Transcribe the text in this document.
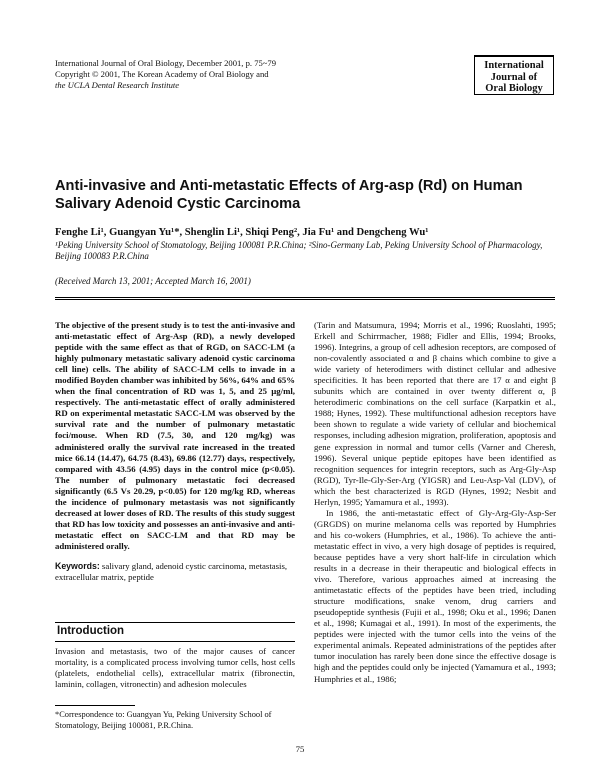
International Journal of Oral Biology, December 2001, p. 75~79
Copyright © 2001, The Korean Academy of Oral Biology and
the UCLA Dental Research Institute
International
Journal of
Oral Biology
Anti-invasive and Anti-metastatic Effects of Arg-asp (Rd) on Human
Salivary Adenoid Cystic Carcinoma
Fenghe Li¹, Guangyan Yu¹*, Shenglin Li¹, Shiqi Peng², Jia Fu¹ and Dengcheng Wu¹
¹Peking University School of Stomatology, Beijing 100081 P.R.China; ²Sino-Germany Lab, Peking University School of Pharmacology, Beijing 100083 P.R.China
(Received March 13, 2001; Accepted March 16, 2001)

The objective of the present study is to test the anti-invasive and anti-metastatic effect of Arg-Asp (RD), a newly developed peptide with the same effect as that of RGD, on SACC-LM (a highly pulmonary metastatic salivary adenoid cystic carcinoma cell line) cells. The ability of SACC-LM cells to invade in a modified Boyden chamber was inhibited by 56%, 64% and 65% when the final concentration of RD was 1, 5, and 25 µg/ml, respectively. The anti-metastatic effect of orally administered RD on experimental metastatic SACC-LM was observed by the survival rate and the number of pulmonary metastatic foci/mouse. When RD (7.5, 30, and 120 mg/kg) was administered orally the survival rate increased in the treated mice 66.14 (14.47), 64.75 (8.43), 69.86 (12.77) days, respectively, compared with 43.56 (4.95) days in the control mice (p<0.05). The number of pulmonary metastatic foci decreased significantly (6.5 Vs 20.29, p<0.05) for 120 mg/kg RD, whereas the incidence of pulmonary metastasis was not significantly decreased at lower doses of RD. The results of this study suggest that RD has low toxicity and possesses an anti-invasive and anti-metastatic effect on SACC-LM and that RD may be administered orally.

Keywords: salivary gland, adenoid cystic carcinoma, metastasis, extracellular matrix, peptide

Introduction

Invasion and metastasis, two of the major causes of cancer mortality, is a complicated process involving tumor cells, host cells (platelets, endothelial cells), extracellular matrix (fibronectin, laminin, collagen, vitronectin) and adhesion molecules

*Correspondence to: Guangyan Yu, Peking University School of Stomatology, Beijing 100081, P.R.China.

(Tarin and Matsumura, 1994; Morris et al., 1996; Ruoslahti, 1995; Erkell and Schirrmacher, 1988; Fidler and Ellis, 1994; Brooks, 1996). Integrins, a group of cell adhesion receptors, are composed of non-covalently associated α and β chains which combine to give a wide variety of heterodimers with distinct cellular and adhesive specificities. It has been reported that there are 17 α and eight β subunits which are contained in over twenty different α, β heterodimeric combinations on the cell surface (Karpatkin et al., 1988; Hynes, 1992). These multifunctional adhesion receptors have been shown to regulate a wide variety of cellular and biochemical responses, including adhesion migration, proliferation, apoptosis and gene expression in normal and tumor cells (Varner and Cheresh, 1996). Several unique peptide epitopes have been identified as recognition sequences for integrin receptors, such as Arg-Gly-Asp (RGD), Tyr-Ile-Gly-Ser-Arg (YIGSR) and Leu-Asp-Val (LDV), of which the best characterized is RGD (Hynes, 1992; Nesbit and Herlyn, 1995; Yamamura et al., 1993).

In 1986, the anti-metastatic effect of Gly-Arg-Gly-Asp-Ser (GRGDS) on murine melanoma cells was reported by Humphries and his co-wokers (Humphries, et al., 1986). To achieve the anti-metastatic effect in vivo, a very high dosage of peptides is required, because peptides have a very short half-life in circulation which results in a decrease in their therapeutic and biological effects in vivo. Therefore, various approaches aimed at increasing the antimetastatic effects of the peptides have been tried, including structure modifications, snake venom, drug carriers and pseudopeptide synthesis (Fujii et al., 1998; Oku et al., 1996; Danen et al., 1998; Kumagai et al., 1991). In most of the experiments, the peptides were injected with the tumor cells into the veins of the experimental animals. Repeated administrations of the peptides after tumor inoculation has rarely been done since the effective dosage is high and the peptides could only be injected (Yamamura et al., 1993; Humphries et al., 1986;

75
